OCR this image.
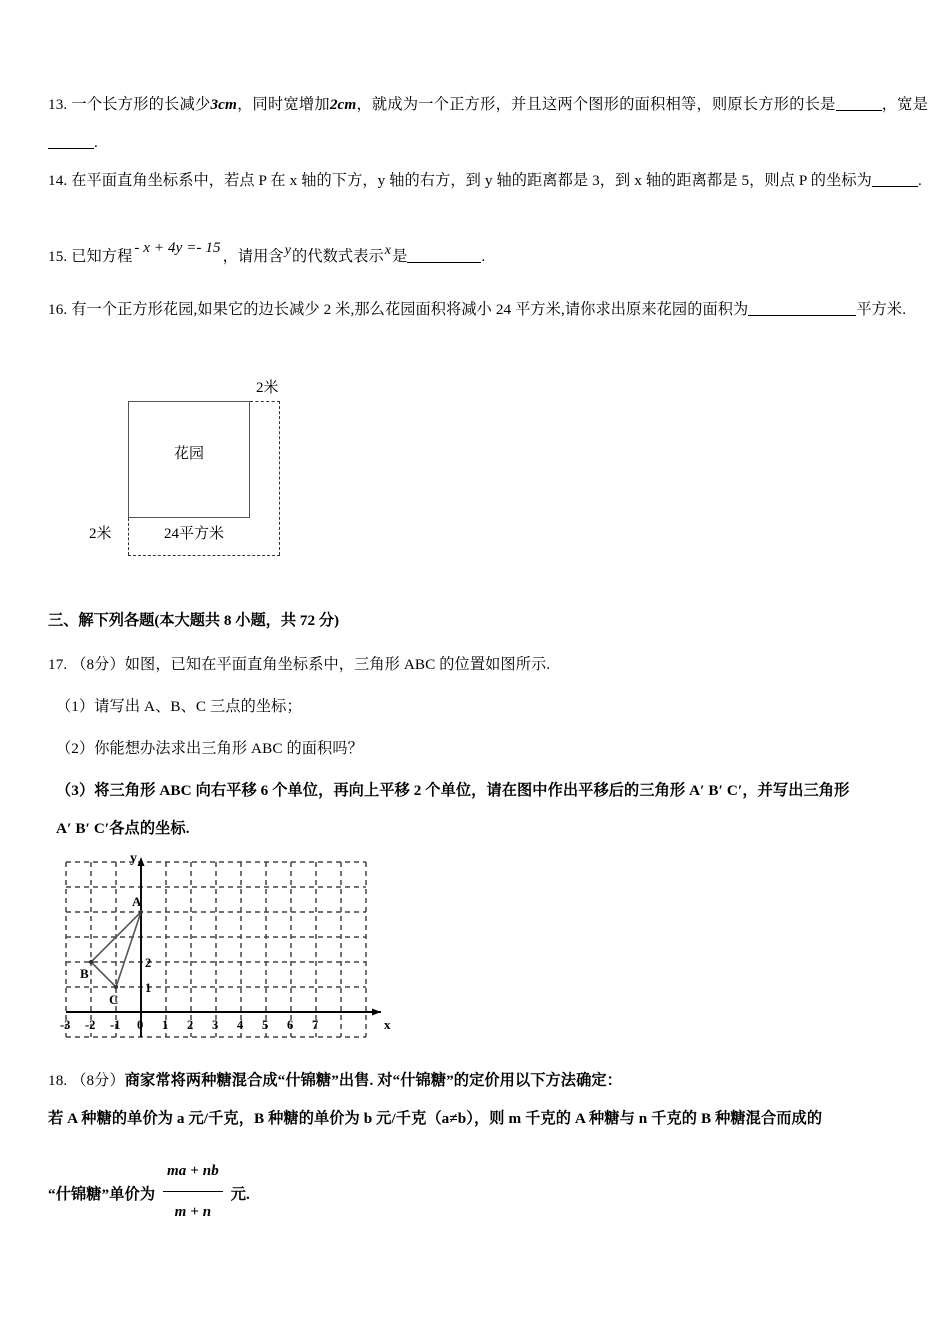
13. 一个长方形的长减少3cm，同时宽增加2cm，就成为一个正方形，并且这两个图形的面积相等，则原长方形的长是	，宽是.

14. 在平面直角坐标系中，若点 P 在 x 轴的下方，y 轴的右方，到 y 轴的距离都是 3，到 x 轴的距离都是 5，则点 P 的坐标为	.

15. 已知方程 - x + 4y =- 15 ，请用含y的代数式表示x是	.

16. 有一个正方形花园,如果它的边长减少 2 米,那么花园面积将减小 24 平方米,请你求出原来花园的面积为	平方米.

花园
2米
2米	24平方米
三、解下列各题(本大题共 8 小题，共 72 分)

17. （8分）如图，已知在平面直角坐标系中，三角形 ABC 的位置如图所示.

（1）请写出 A、B、C 三点的坐标；

（2）你能想办法求出三角形 ABC 的面积吗？

（3）将三角形 ABC 向右平移 6 个单位，再向上平移 2 个单位，请在图中作出平移后的三角形 A′ B′ C′，并写出三角形

A′ B′ C′各点的坐标.

A
B
C
2
1
-3 -2 -1 0 1 2 3 4 5 6 7	x
y

18. （8分）商家常将两种糖混合成“什锦糖”出售. 对“什锦糖”的定价用以下方法确定：

若 A 种糖的单价为 a 元/千克，B 种糖的单价为 b 元/千克（a≠b），则 m 千克的 A 种糖与 n 千克的 B 种糖混合而成的

“什锦糖”单价为 $\frac{ma + nb}{m + n}$ 元.
